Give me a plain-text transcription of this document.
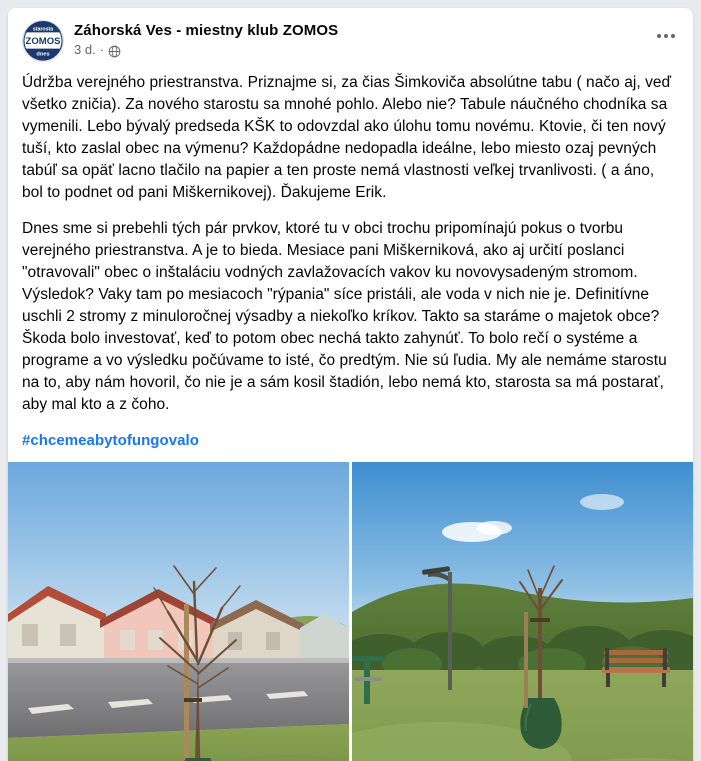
starosta
ZOMOS
dnes
Záhorská Ves - miestny klub ZOMOS
3 d. ·

Údržba verejného priestranstva. Priznajme si, za čias Šimkoviča absolútne tabu ( načo aj, veď všetko zničia). Za nového starostu sa mnohé pohlo. Alebo nie? Tabule náučného chodníka sa vymenili. Lebo bývalý predseda KŠK to odovzdal ako úlohu tomu novému. Ktovie, či ten nový tuší, kto zaslal obec na výmenu? Každopádne nedopadla ideálne, lebo miesto ozaj pevných tabúľ sa opäť lacno tlačilo na papier a ten proste nemá vlastnosti veľkej trvanlivosti. ( a áno, bol to podnet od pani Miškernikovej). Ďakujeme Erik.

Dnes sme si prebehli tých pár prvkov, ktoré tu v obci trochu pripomínajú pokus o tvorbu verejného priestranstva. A je to bieda. Mesiace pani Miškerniková, ako aj určití poslanci "otravovali" obec o inštaláciu vodných zavlažovacích vakov ku novovysadeným stromom. Výsledok? Vaky tam po mesiacoch "rýpania" síce pristáli, ale voda v nich nie je. Definitívne uschli 2 stromy z minuloročnej výsadby a niekoľko kríkov. Takto sa staráme o majetok obce? Škoda bolo investovať, keď to potom obec nechá takto zahynúť. To bolo rečí o systéme a programe a vo výsledku počúvame to isté, čo predtým. Nie sú ľudia. My ale nemáme starostu na to, aby nám hovoril, čo nie je a sám kosil štadión, lebo nemá kto, starosta sa má postarať, aby mal kto a z čoho.

#chcemeabytofungovalo
